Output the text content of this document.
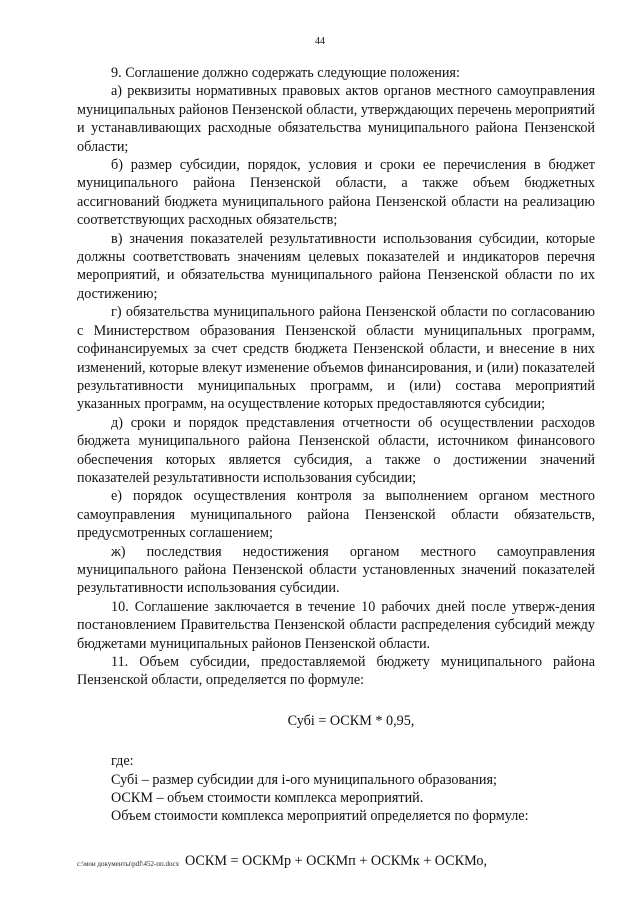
44

9. Соглашение должно содержать следующие положения:

а) реквизиты нормативных правовых актов органов местного самоуправления муниципальных районов Пензенской области, утверждающих перечень мероприятий и устанавливающих расходные обязательства муниципального района Пензенской области;

б) размер субсидии, порядок, условия и сроки ее перечисления в бюджет муниципального района Пензенской области, а также объем бюджетных ассигнований бюджета муниципального района Пензенской области на реализацию соответствующих расходных обязательств;

в) значения показателей результативности использования субсидии, которые должны соответствовать значениям целевых показателей и индикаторов перечня мероприятий, и обязательства муниципального района Пензенской области по их достижению;

г) обязательства муниципального района Пензенской области по согласованию с Министерством образования Пензенской области муниципальных программ, софинансируемых за счет средств бюджета Пензенской области, и внесение в них изменений, которые влекут изменение объемов финансирования, и (или) показателей результативности муниципальных программ, и (или) состава мероприятий указанных программ, на осуществление которых предоставляются субсидии;

д) сроки и порядок представления отчетности об осуществлении расходов бюджета муниципального района Пензенской области, источником финансового обеспечения которых является субсидия, а также о достижении значений показателей результативности использования субсидии;

е) порядок осуществления контроля за выполнением органом местного самоуправления муниципального района Пензенской области обязательств, предусмотренных соглашением;

ж) последствия недостижения органом местного самоуправления муниципального района Пензенской области установленных значений показателей результативности использования субсидии.

10. Соглашение заключается в течение 10 рабочих дней после утверж-дения постановлением Правительства Пензенской области распределения субсидий между бюджетами муниципальных районов Пензенской области.

11. Объем субсидии, предоставляемой бюджету муниципального района Пензенской области, определяется по формуле:

Субi = ОСКМ * 0,95,

где:

Субi – размер субсидии для i-ого муниципального образования;

ОСКМ – объем стоимости комплекса мероприятий.

Объем стоимости комплекса мероприятий определяется по формуле:

ОСКМ = ОСКМр + ОСКМп + ОСКМк + ОСКМо,

c:\мои документы\pdf\452-пп.docx
